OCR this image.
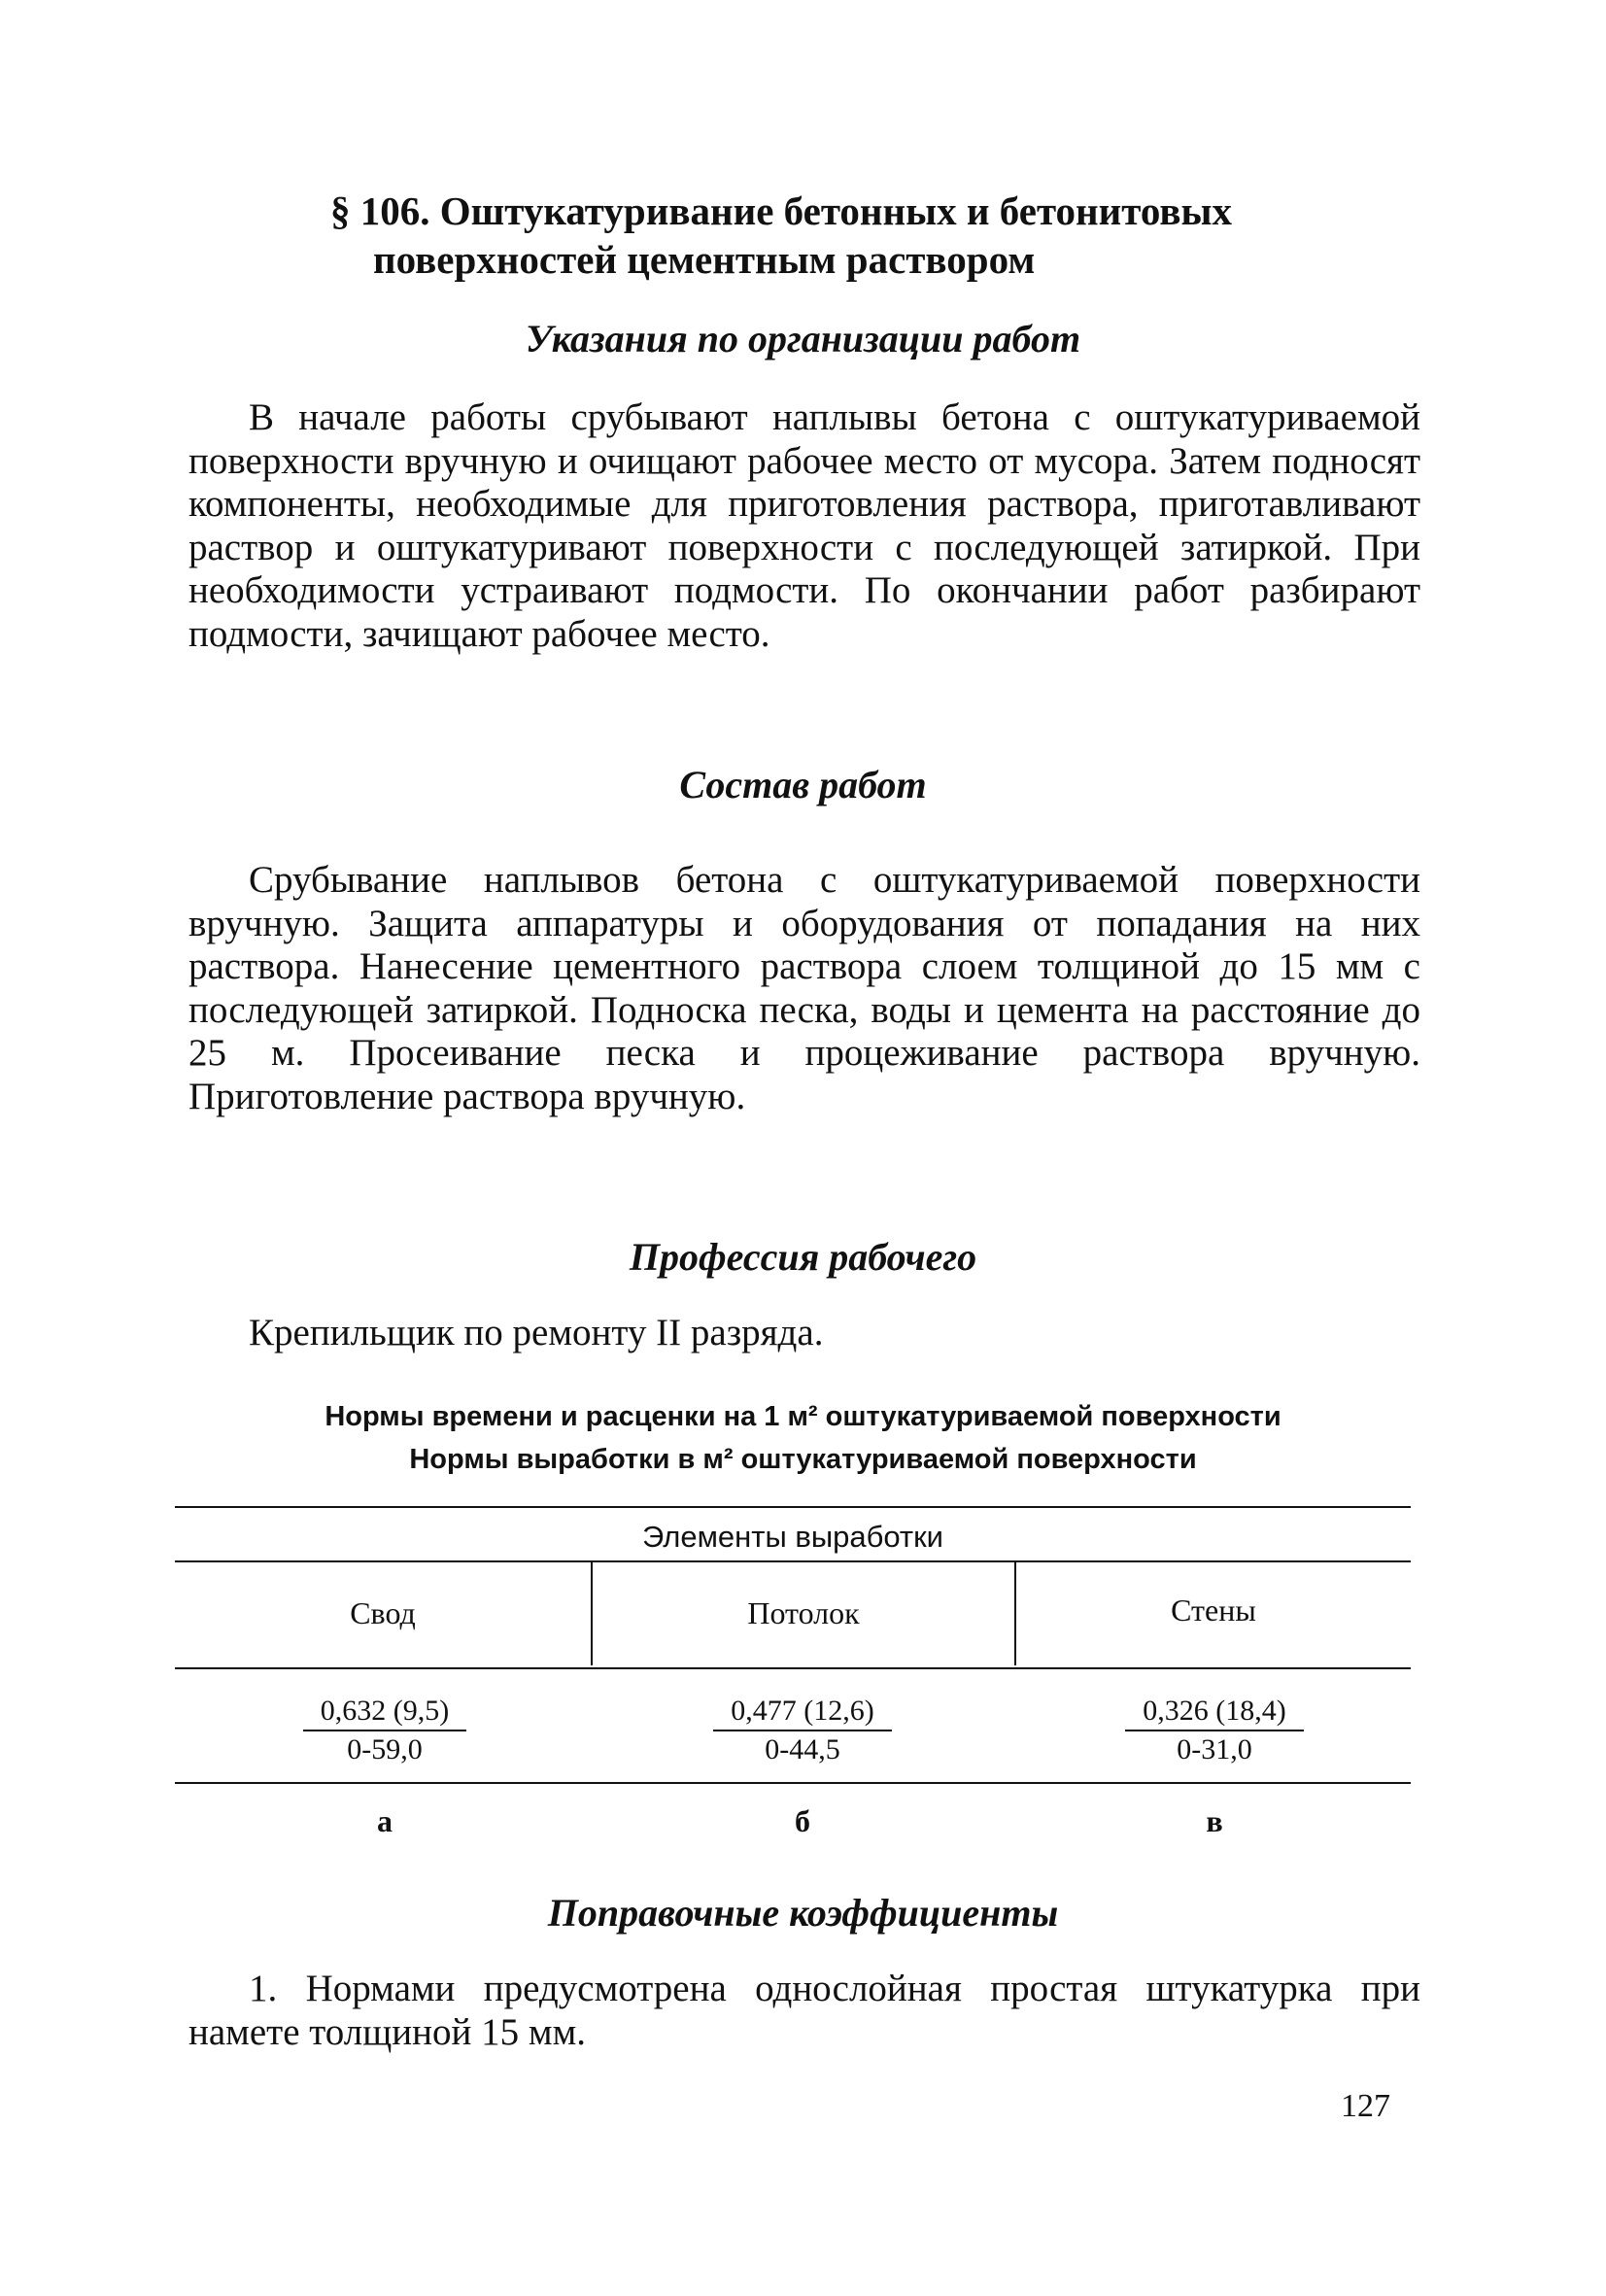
§ 106. Оштукатуривание бетонных и бетонитовых
поверхностей цементным раствором
Указания по организации работ

В начале работы срубывают наплывы бетона с оштукатуриваемой поверхности вручную и очищают рабочее место от мусора. Затем подносят компоненты, необходимые для приготовления раствора, приготавливают раствор и оштукатуривают поверхности с последующей затиркой. При необходимости устраивают подмости. По окончании работ разбирают подмости, зачищают рабочее место.

Состав работ

Срубывание наплывов бетона с оштукатуриваемой поверхности вручную. Защита аппаратуры и оборудования от попадания на них раствора. Нанесение цементного раствора слоем толщиной до 15 мм с последующей затиркой. Подноска песка, воды и цемента на расстояние до 25 м. Просеивание песка и процеживание раствора вручную. Приготовление раствора вручную.

Профессия рабочего

Крепильщик по ремонту II разряда.

Нормы времени и расценки на 1 м² оштукатуриваемой поверхности

Нормы выработки в м² оштукатуриваемой поверхности

Элементы выработки
Свод	Потолок	Стены
$\frac{0,632 (9,5)}{0-59,0}$	$\frac{0,477 (12,6)}{0-44,5}$	$\frac{0,326 (18,4)}{0-31,0}$
а	б	в
Поправочные коэффициенты

1. Нормами предусмотрена однослойная простая штукатурка при намете толщиной 15 мм.

127
